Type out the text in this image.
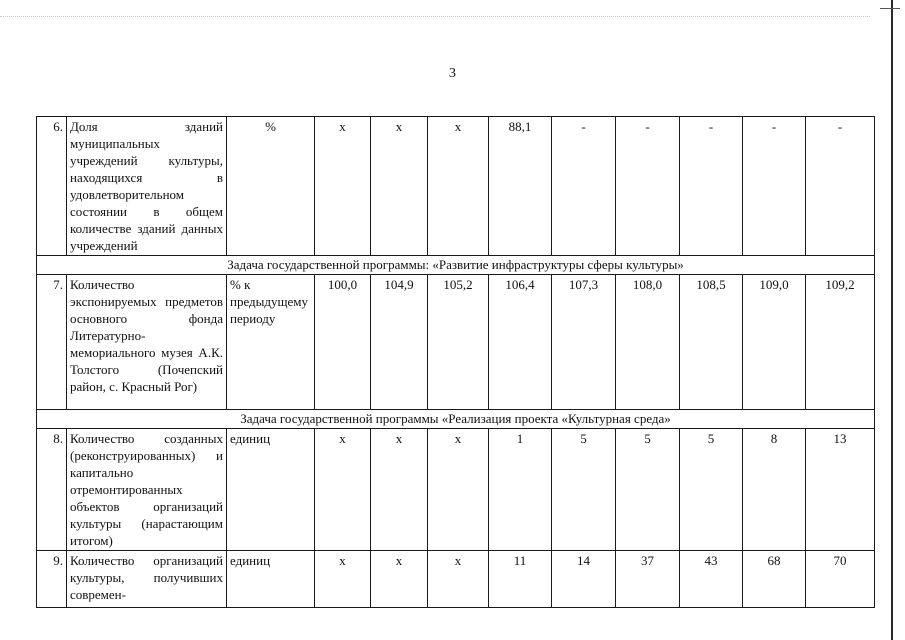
3
6.	Доля зданий муниципальных учреждений культуры, находящихся в удовлетворительном состоянии в общем количестве зданий данных учреждений	%	x	x	x	88,1	-	-	-	-	-
Задача государственной программы: «Развитие инфраструктуры сферы культуры»											
7.	Количество экспонируемых предметов основного фонда Литературно-мемориального музея А.К. Толстого (Почепский район, с. Красный Рог)	% к предыдущему периоду	100,0	104,9	105,2	106,4	107,3	108,0	108,5	109,0	109,2
Задача государственной программы «Реализация проекта «Культурная среда»											
8.	Количество созданных (реконструированных) и капитально отремонтированных объектов организаций культуры (нарастающим итогом)	единиц	x	x	x	1	5	5	5	8	13
9.	Количество организаций культуры, получивших современ-	единиц	x	x	x	11	14	37	43	68	70
